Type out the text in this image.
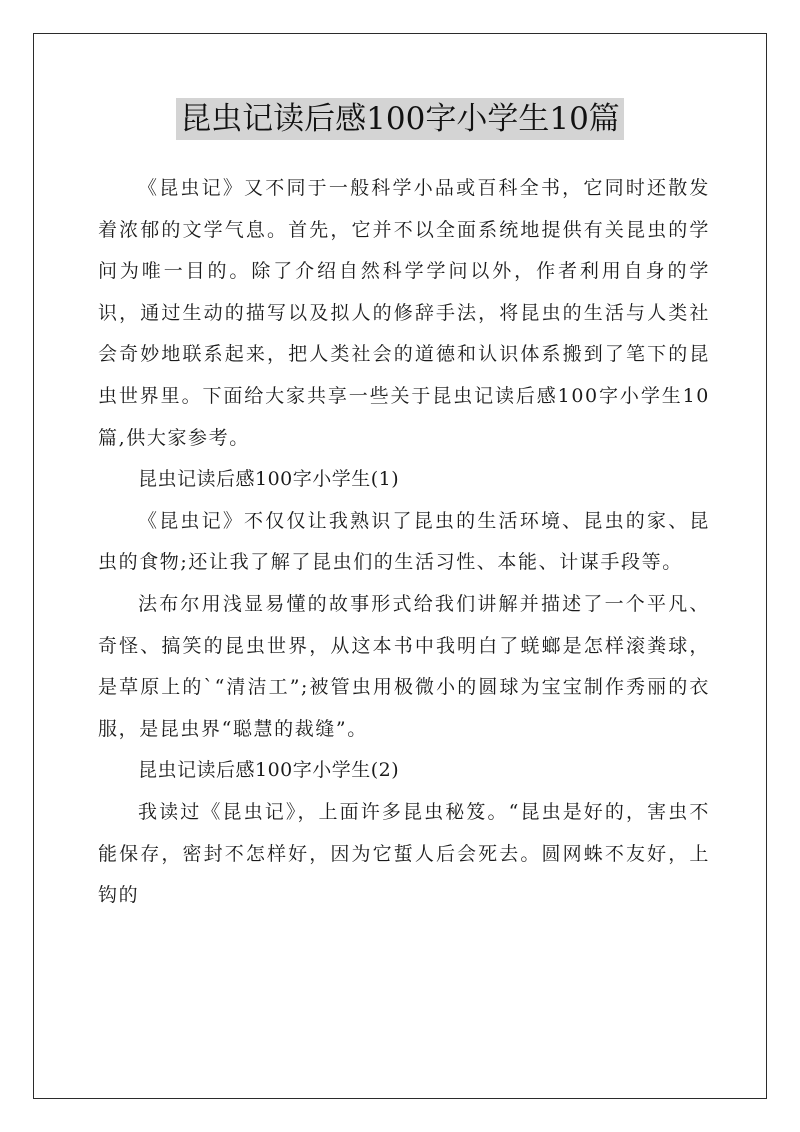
昆虫记读后感100字小学生10篇

《昆虫记》又不同于一般科学小品或百科全书，它同时还散发着浓郁的文学气息。首先，它并不以全面系统地提供有关昆虫的学问为唯一目的。除了介绍自然科学学问以外，作者利用自身的学识，通过生动的描写以及拟人的修辞手法，将昆虫的生活与人类社会奇妙地联系起来，把人类社会的道德和认识体系搬到了笔下的昆虫世界里。下面给大家共享一些关于昆虫记读后感100字小学生10篇,供大家参考。

昆虫记读后感100字小学生(1)

《昆虫记》不仅仅让我熟识了昆虫的生活环境、昆虫的家、昆虫的食物;还让我了解了昆虫们的生活习性、本能、计谋手段等。

法布尔用浅显易懂的故事形式给我们讲解并描述了一个平凡、奇怪、搞笑的昆虫世界，从这本书中我明白了蜣螂是怎样滚粪球，是草原上的`“清洁工”;被管虫用极微小的圆球为宝宝制作秀丽的衣服，是昆虫界“聪慧的裁缝”。

昆虫记读后感100字小学生(2)

我读过《昆虫记》，上面许多昆虫秘笈。“昆虫是好的，害虫不能保存，密封不怎样好，因为它蜇人后会死去。圆网蛛不友好，上钩的
